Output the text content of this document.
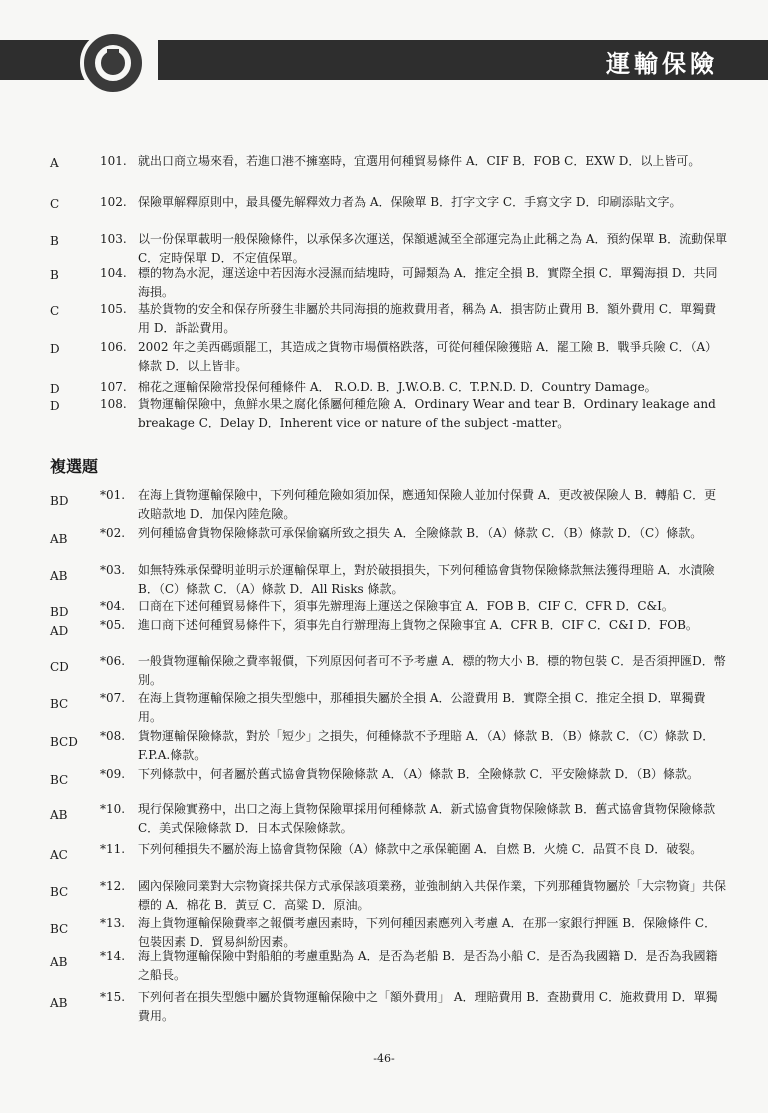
運輸保險
A	101. 就出口商立場來看，若進口港不擁塞時，宜選用何種貿易條件 A．CIF B．FOB C．EXW D．以上皆可。
C	102. 保險單解釋原則中，最具優先解釋效力者為 A．保險單 B．打字文字 C．手寫文字 D．印刷添貼文字。
B	103. 以一份保單載明一般保險條件，以承保多次運送，保額遞減至全部運完為止此稱之為 A．預約保單 B．流動保單 C．定時保單 D．不定值保單。
B	104. 標的物為水泥，運送途中若因海水浸濕而結塊時，可歸類為 A．推定全損 B．實際全損 C．單獨海損 D．共同海損。
C	105. 基於貨物的安全和保存所發生非屬於共同海損的施救費用者，稱為 A．損害防止費用 B．額外費用 C．單獨費用 D．訴訟費用。
D	106. 2002 年之美西碼頭罷工，其造成之貨物市場價格跌落，可從何種保險獲賠 A．罷工險 B．戰爭兵險 C．（A）條款 D．以上皆非。
D	107. 棉花之運輸保險常投保何種條件 A． R.O.D. B．J.W.O.B. C．T.P.N.D. D．Country Damage。
D	108. 貨物運輸保險中，魚鮮水果之腐化係屬何種危險 A．Ordinary Wear and tear B．Ordinary leakage and breakage C．Delay D．Inherent vice or nature of the subject -matter。
複選題
BD	*01.	在海上貨物運輸保險中，下列何種危險如須加保，應通知保險人並加付保費 A．更改被保險人 B．轉船 C．更改賠款地 D．加保內陸危險。
AB	*02.	列何種協會貨物保險條款可承保偷竊所致之損失 A．全險條款 B．（A）條款 C．（B）條款 D．（C）條款。
AB	*03.	如無特殊承保聲明並明示於運輸保單上，對於破損損失，下列何種協會貨物保險條款無法獲得理賠 A．水漬險 B．（C）條款 C．（A）條款 D．All Risks 條款。
BD	*04.	口商在下述何種貿易條件下，須事先辦理海上運送之保險事宜 A．FOB B．CIF C．CFR D．C&I。
AD	*05.	進口商下述何種貿易條件下，須事先自行辦理海上貨物之保險事宜 A．CFR B．CIF C．C&I D．FOB。
CD	*06.	一般貨物運輸保險之費率報價，下列原因何者可不予考慮 A．標的物大小 B．標的物包裝 C．是否須押匯D．幣別。
BC	*07.	在海上貨物運輸保險之損失型態中，那種損失屬於全損 A．公證費用 B．實際全損 C．推定全損 D．單獨費用。
BCD	*08.	貨物運輸保險條款，對於「短少」之損失，何種條款不予理賠 A．（A）條款 B．（B）條款 C．（C）條款 D．F.P.A.條款。
BC	*09.	下列條款中，何者屬於舊式協會貨物保險條款 A．（A）條款 B．全險條款 C．平安險條款 D．（B）條款。
AB	*10.	現行保險實務中，出口之海上貨物保險單採用何種條款 A．新式協會貨物保險條款 B．舊式協會貨物保險條款 C．美式保險條款 D．日本式保險條款。
AC	*11.	下列何種損失不屬於海上協會貨物保險（A）條款中之承保範圍 A．自燃 B．火燒 C．品質不良 D．破裂。
BC	*12.	國內保險同業對大宗物資採共保方式承保該項業務，並強制納入共保作業，下列那種貨物屬於「大宗物資」共保標的 A．棉花 B．黃豆 C．高粱 D．原油。
BC	*13.	海上貨物運輸保險費率之報價考慮因素時，下列何種因素應列入考慮 A．在那一家銀行押匯 B．保險條件 C．包裝因素 D．貿易糾紛因素。
AB	*14.	海上貨物運輸保險中對船舶的考慮重點為 A．是否為老船 B．是否為小船 C．是否為我國籍 D．是否為我國籍之船長。
AB	*15.	下列何者在損失型態中屬於貨物運輸保險中之「額外費用」 A．理賠費用 B．查勘費用 C．施救費用 D．單獨費用。
-46-
